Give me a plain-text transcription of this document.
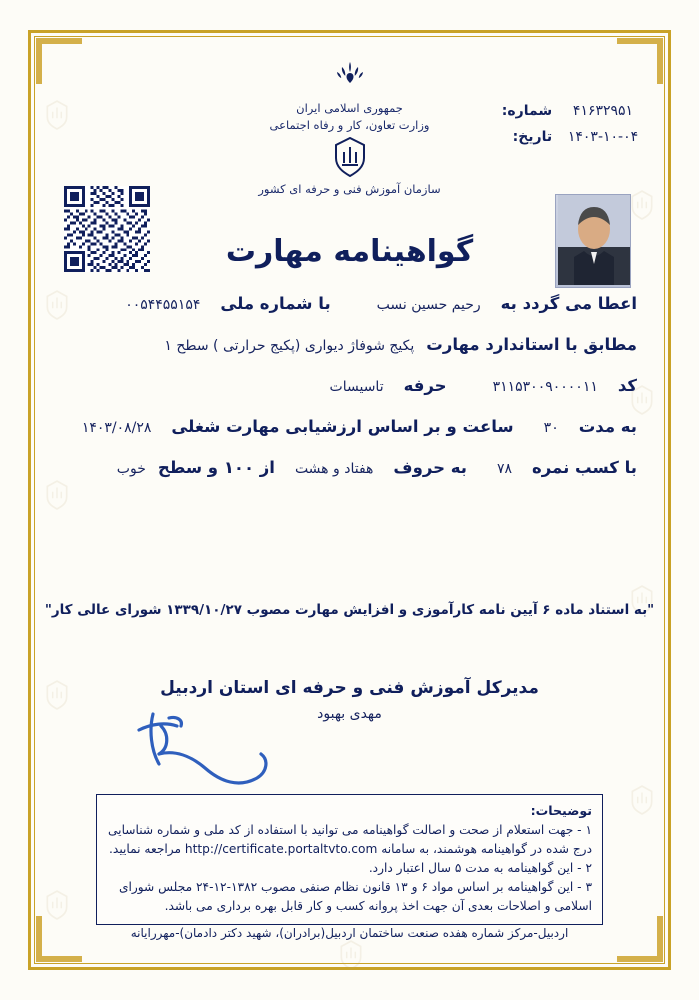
جمهوری اسلامی ایران
وزارت تعاون، کار و رفاه اجتماعی
سازمان آموزش فنی و حرفه ای کشور
۴۱۶۳۲۹۵۱ شماره:
۱۴۰۳-۱۰-۰۴ تاریخ:
گواهینامه مهارت
اعطا می گردد به
رحیم حسین نسب
با شماره ملی
۰۰۵۴۴۵۵۱۵۴
مطابق با استاندارد مهارت
پکیج شوفاژ دیواری (پکیج حرارتی ) سطح ۱
کد
۳۱۱۵۳۰۰۹۰۰۰۰۱۱
حرفه
تاسیسات
به مدت
۳۰
ساعت و بر اساس ارزشیابی مهارت شغلی
۱۴۰۳/۰۸/۲۸
با کسب نمره
۷۸
به حروف
هفتاد و هشت
از ۱۰۰ و سطح
خوب
"به استناد ماده ۶ آیین نامه کارآموزی و افزایش مهارت مصوب ۱۳۳۹/۱۰/۲۷ شورای عالی کار"
مدیرکل آموزش فنی و حرفه ای استان اردبیل
مهدی بهبود
توضیحات:
۱ - جهت استعلام از صحت و اصالت گواهینامه می توانید با استفاده از کد ملی و شماره شناسایی درج شده در گواهینامه هوشمند، به سامانه http://certificate.portaltvto.com مراجعه نمایید.
۲ - این گواهینامه به مدت ۵ سال اعتبار دارد.
۳ - این گواهینامه بر اساس مواد ۶ و ۱۳ قانون نظام صنفی مصوب ۱۳۸۲-۱۲-۲۴ مجلس شورای اسلامی و اصلاحات بعدی آن جهت اخذ پروانه کسب و کار قابل بهره برداری می باشد.
اردبیل-مرکز شماره هفده صنعت ساختمان اردبیل(برادران)، شهید دکتر دادمان)-مهررایانه
